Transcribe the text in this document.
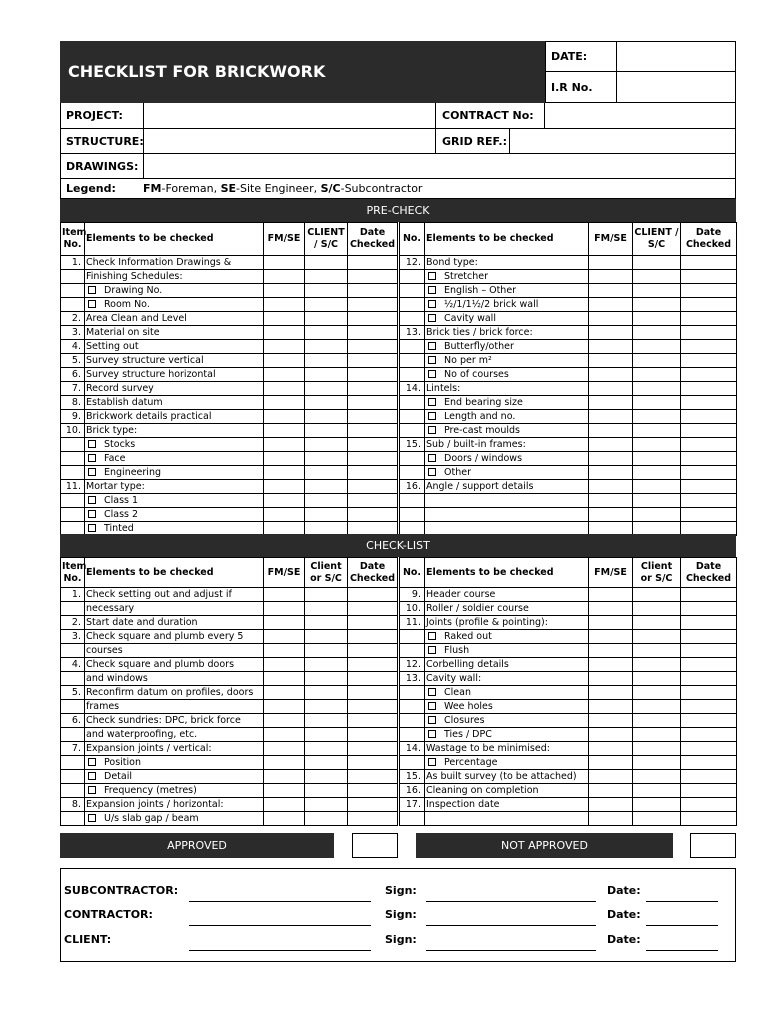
CHECKLIST FOR BRICKWORK
DATE:
I.R No.
PROJECT:	CONTRACT No:
STRUCTURE:	GRID REF.:
DRAWINGS:
Legend: FM-Foreman, SE-Site Engineer, S/C-Subcontractor
PRE-CHECK
Item No.	Elements to be checked	FM/SE	CLIENT / S/C	Date Checked		No.	Elements to be checked	FM/SE	CLIENT / S/C	Date Checked
1.	Check Information Drawings &					12.	Bond type:			
	Finishing Schedules:						Stretcher			
	Drawing No.						English – Other			
	Room No.						½/1/1½/2 brick wall			
2.	Area Clean and Level						Cavity wall			
3.	Material on site					13.	Brick ties / brick force:			
4.	Setting out						Butterfly/other			
5.	Survey structure vertical						No per m²			
6.	Survey structure horizontal						No of courses			
7.	Record survey					14.	Lintels:			
8.	Establish datum						End bearing size			
9.	Brickwork details practical						Length and no.			
10.	Brick type:						Pre-cast moulds			
	Stocks					15.	Sub / built-in frames:			
	Face						Doors / windows			
	Engineering						Other			
11.	Mortar type:					16.	Angle / support details			
	Class 1									
	Class 2									
	Tinted									
CHECK-LIST
Item No.	Elements to be checked	FM/SE	Client or S/C	Date Checked		No.	Elements to be checked	FM/SE	Client or S/C	Date Checked
1.	Check setting out and adjust if					9.	Header course			
	necessary					10.	Roller / soldier course			
2.	Start date and duration					11.	Joints (profile & pointing):			
3.	Check square and plumb every 5						Raked out			
	courses						Flush			
4.	Check square and plumb doors					12.	Corbelling details			
	and windows					13.	Cavity wall:			
5.	Reconfirm datum on profiles, doors						Clean			
	frames						Wee holes			
6.	Check sundries: DPC, brick force						Closures			
	and waterproofing, etc.						Ties / DPC			
7.	Expansion joints / vertical:					14.	Wastage to be minimised:			
	Position						Percentage			
	Detail					15.	As built survey (to be attached)			
	Frequency (metres)					16.	Cleaning on completion			
8.	Expansion joints / horizontal:					17.	Inspection date			
	U/s slab gap / beam									
APPROVED	NOT APPROVED
SUBCONTRACTOR:	Sign:	Date:
CONTRACTOR:	Sign:	Date:
CLIENT:	Sign:	Date:
